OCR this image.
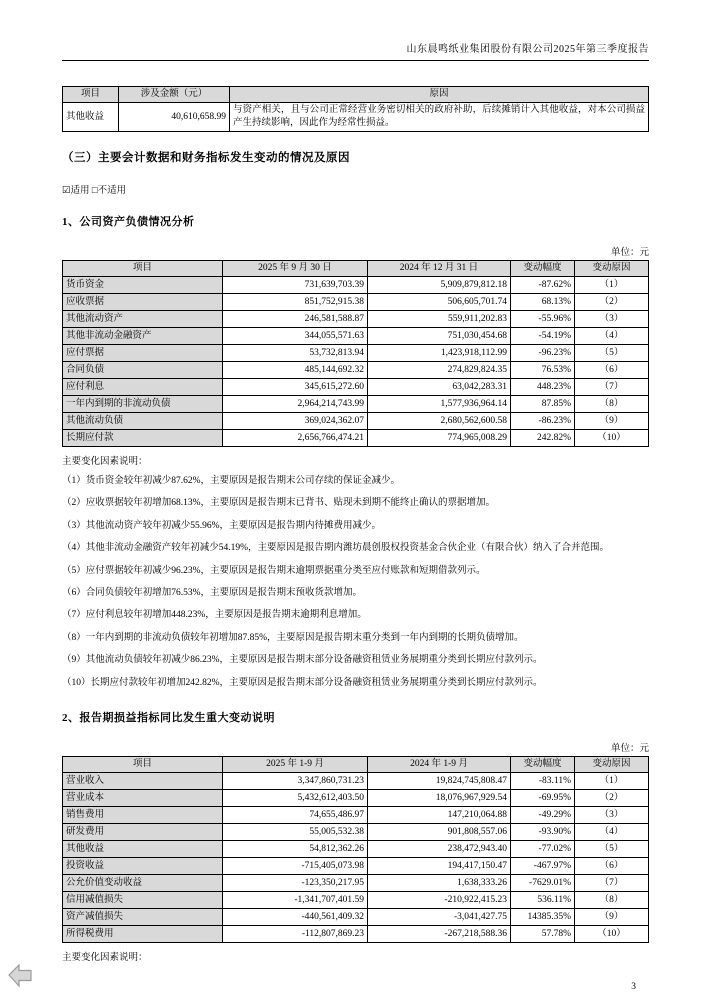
山东晨鸣纸业集团股份有限公司2025年第三季度报告
项目	涉及金额（元）	原因
其他收益	40,610,658.99	与资产相关，且与公司正常经营业务密切相关的政府补助，后续摊销计入其他收益，对本公司损益产生持续影响，因此作为经常性损益。
（三）主要会计数据和财务指标发生变动的情况及原因
☑适用 □不适用
1、公司资产负债情况分析
单位：元
项目	2025 年 9 月 30 日	2024 年 12 月 31 日	变动幅度	变动原因
货币资金	731,639,703.39	5,909,879,812.18	-87.62%	（1）
应收票据	851,752,915.38	506,605,701.74	68.13%	（2）
其他流动资产	246,581,588.87	559,911,202.83	-55.96%	（3）
其他非流动金融资产	344,055,571.63	751,030,454.68	-54.19%	（4）
应付票据	53,732,813.94	1,423,918,112.99	-96.23%	（5）
合同负债	485,144,692.32	274,829,824.35	76.53%	（6）
应付利息	345,615,272.60	63,042,283.31	448.23%	（7）
一年内到期的非流动负债	2,964,214,743.99	1,577,936,964.14	87.85%	（8）
其他流动负债	369,024,362.07	2,680,562,600.58	-86.23%	（9）
长期应付款	2,656,766,474.21	774,965,008.29	242.82%	（10）
主要变化因素说明：

（1）货币资金较年初减少87.62%，主要原因是报告期末公司存续的保证金减少。

（2）应收票据较年初增加68.13%，主要原因是报告期末已背书、贴现未到期不能终止确认的票据增加。

（3）其他流动资产较年初减少55.96%，主要原因是报告期内待摊费用减少。

（4）其他非流动金融资产较年初减少54.19%，主要原因是报告期内潍坊晨创股权投资基金合伙企业（有限合伙）纳入了合并范围。

（5）应付票据较年初减少96.23%，主要原因是报告期末逾期票据重分类至应付账款和短期借款列示。

（6）合同负债较年初增加76.53%，主要原因是报告期末预收货款增加。

（7）应付利息较年初增加448.23%，主要原因是报告期末逾期利息增加。

（8）一年内到期的非流动负债较年初增加87.85%，主要原因是报告期末重分类到一年内到期的长期负债增加。

（9）其他流动负债较年初减少86.23%，主要原因是报告期末部分设备融资租赁业务展期重分类到长期应付款列示。

（10）长期应付款较年初增加242.82%，主要原因是报告期末部分设备融资租赁业务展期重分类到长期应付款列示。

2、报告期损益指标同比发生重大变动说明
单位：元
项目	2025 年 1-9 月	2024 年 1-9 月	变动幅度	变动原因
营业收入	3,347,860,731.23	19,824,745,808.47	-83.11%	（1）
营业成本	5,432,612,403.50	18,076,967,929.54	-69.95%	（2）
销售费用	74,655,486.97	147,210,064.88	-49.29%	（3）
研发费用	55,005,532.38	901,808,557.06	-93.90%	（4）
其他收益	54,812,362.26	238,472,943.40	-77.02%	（5）
投资收益	-715,405,073.98	194,417,150.47	-467.97%	（6）
公允价值变动收益	-123,350,217.95	1,638,333.26	-7629.01%	（7）
信用减值损失	-1,341,707,401.59	-210,922,415.23	536.11%	（8）
资产减值损失	-440,561,409.32	-3,041,427.75	14385.35%	（9）
所得税费用	-112,807,869.23	-267,218,588.36	57.78%	（10）
主要变化因素说明：
3
